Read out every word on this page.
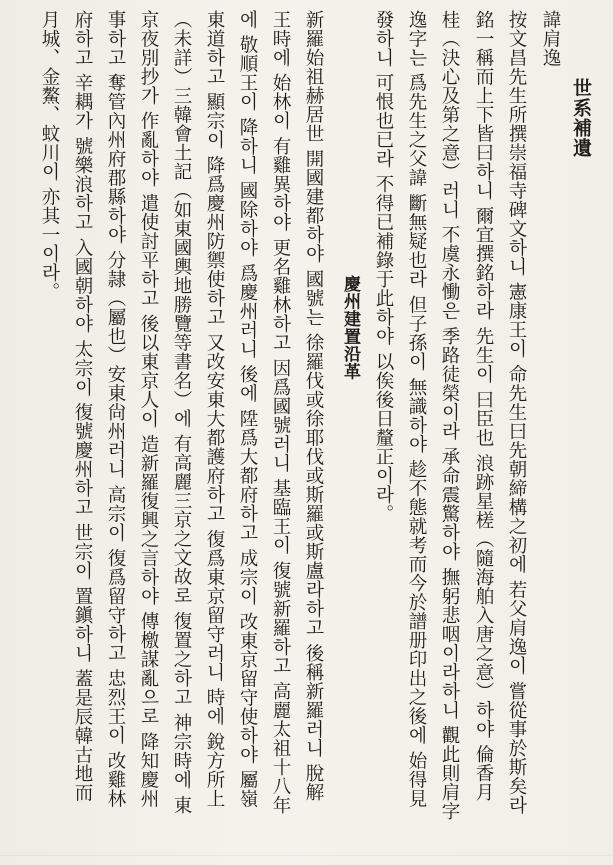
世系補遺
諱肩逸
按文昌先生所撰崇福寺碑文하니 憲康王이 命先生曰先朝締構之初에 若父肩逸이 嘗從事於斯矣라
銘一稱而上下皆曰하니 爾宜撰銘하라 先生이 曰臣也 浪跡星槎（隨海舶入唐之意）하야 倫香月
桂（決心及第之意）러니 不虞永慟은 季路徒榮이라 承命震驚하야 撫躬悲咽이라하니 觀此則肩字
逸字는 爲先生之父諱 斷無疑也라 但子孫이 無識하야 趁不態就考而今於譜册印出之後에 始得見
發하니 可恨也已라 不得已補錄于此하야 以俟後日釐正이라。
慶州建置沿革
新羅始祖赫居世 開國建都하야 國號는 徐羅伐或徐耶伐或斯羅或斯盧라하고 後稱新羅러니 脫解
王時에 始林이 有雞異하야 更名雞林하고 因爲國號러니 基臨王이 復號新羅하고 高麗太祖十八年
에 敬順王이 降하니 國除하야 爲慶州러니 後에 陞爲大都府하고 成宗이 改東京留守使하야 屬嶺
東道하고 顯宗이 降爲慶州防禦使하고 又改安東大都護府하고 復爲東京留守러니 時에 銳方所上
（未詳）三韓會土記（如東國輿地勝覽等書名）에 有高麗三京之文故로 復置之하고 神宗時에 東
京夜別抄가 作亂하야 遣使討平하고 後以東京人이 造新羅復興之言하야 傳檄謀亂으로 降知慶州
事하고 奪管內州府郡縣하야 分隷（屬也）安東尙州러니 高宗이 復爲留守하고 忠烈王이 改雞林
府하고 辛耦가 號樂浪하고 入國朝하야 太宗이 復號慶州하고 世宗이 置鎭하니 蓋是辰韓古地而
月城、金鰲、蚊川이 亦其一이라。
